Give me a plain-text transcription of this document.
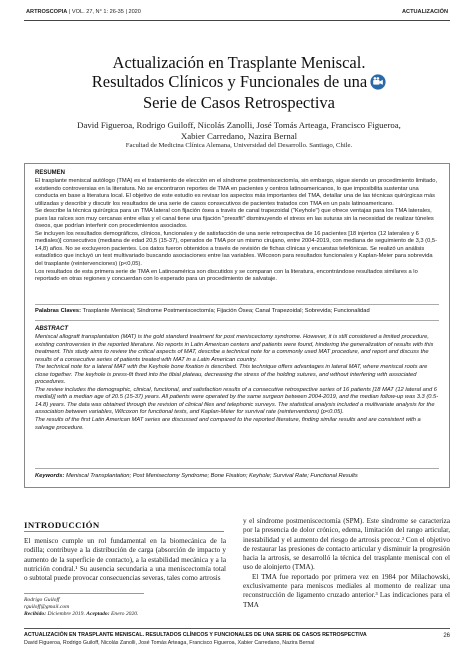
ARTROSCOPIA | VOL. 27, N° 1: 26-35 | 2020	ACTUALIZACIÓN
Actualización en Trasplante Meniscal.
Resultados Clínicos y Funcionales de una
Serie de Casos Retrospectiva
David Figueroa, Rodrigo Guiloff, Nicolás Zanolli, José Tomás Arteaga, Francisco Figueroa,
Xabier Carredano, Nazira Bernal
Facultad de Medicina Clínica Alemana, Universidad del Desarrollo. Santiago, Chile.
RESUMEN

El trasplante meniscal autólogo (TMA) es el tratamiento de elección en el síndrome postmeniscectomía, sin embargo, sigue siendo un procedimiento limitado, existiendo controversias en la literatura. No se encontraron reportes de TMA en pacientes y centros latinoamericanos, lo que imposibilita sustentar una conducta en base a literatura local. El objetivo de este estudio es revisar los aspectos más importantes del TMA, detallar una de las técnicas quirúrgicas más utilizadas y describir y discutir los resultados de una serie de casos consecutivos de pacientes tratados con TMA en un país latinoamericano.

Se describe la técnica quirúrgica para un TMA lateral con fijación ósea a través de canal trapezoidal ("Keyhole") que ofrece ventajas para los TMA laterales, pues las raíces son muy cercanas entre ellas y el canal tiene una fijación "pressfit" disminuyendo el stress en las suturas sin la necesidad de realizar túneles óseos, que podrían interferir con procedimientos asociados.

Se incluyen los resultados demográficos, clínicos, funcionales y de satisfacción de una serie retrospectiva de 16 pacientes [18 injertos (12 laterales y 6 mediales)] consecutivos (mediana de edad 20,5 (15-37), operados de TMA por un mismo cirujano, entre 2004-2019, con mediana de seguimiento de 3,3 (0,5-14,8) años. No se excluyeron pacientes. Los datos fueron obtenidos a través de revisión de fichas clínicas y encuestas telefónicas. Se realizó un análisis estadístico que incluyó un test multivariado buscando asociaciones entre las variables. Wilcoxon para resultados funcionales y Kaplan-Meier para sobrevida del trasplante (reintervenciones) (p<0,05).

Los resultados de esta primera serie de TMA en Latinoamérica son discutidos y se comparan con la literatura, encontrándose resultados similares a lo reportado en otras regiones y concuerdan con lo esperado para un procedimiento de salvataje.

Palabras Claves: Trasplante Meniscal; Síndrome Postmeniscectomía; Fijación Ósea; Canal Trapezoidal; Sobrevida; Funcionalidad
ABSTRACT

Meniscal allograft transplantation (MAT) is the gold standard treatment for post meniscectomy syndrome. However, it is still considered a limited procedure, existing controversies in the reported literature. No reports in Latin American centers and patients were found, hindering the generalization of results with this treatment. This study aims to review the critical aspects of MAT, describe a technical note for a commonly used MAT procedure, and report and discuss the results of a consecutive series of patients treated with MAT in a Latin American country.

The technical note for a lateral MAT with the Keyhole bone fixation is described. This technique offers advantages in lateral MAT, where meniscal roots are close together. The keyhole is press-fit fixed into the tibial plateau, decreasing the stress of the holding sutures, and without interfering with associated procedures.

The review includes the demographic, clinical, functional, and satisfaction results of a consecutive retrospective series of 16 patients [18 MAT (12 lateral and 6 medial)] with a median age of 20.5 (15-37) years. All patients were operated by the same surgeon between 2004-2019, and the median follow-up was 3.3 (0.5-14.8) years. The data was obtained through the revision of clinical files and telephonic surveys. The statistical analysis included a multivariate analysis for the association between variables, Wilcoxon for functional tests, and Kaplan-Meier for survival rate (reinterventions) (p<0.05).

The results of the first Latin American MAT series are discussed and compared to the reported literature, finding similar results and are consistent with a salvage procedure.

Keywords: Meniscal Transplantation; Post Menisectomy Syndrome; Bone Fixation; Keyhole; Survival Rate; Functional Results
INTRODUCCIÓN
El menisco cumple un rol fundamental en la biomecánica de la rodilla; contribuye a la distribución de carga (absorción de impacto y aumento de la superficie de contacto), a la estabilidad mecánica y a la nutrición condral.¹ Su ausencia secundaria a una meniscectomía total o subtotal puede provocar consecuencias severas, tales como artrosis

y el síndrome postmeniscectomía (SPM). Este síndrome se caracteriza por la presencia de dolor crónico, edema, limitación del rango articular, inestabilidad y el aumento del riesgo de artrosis precoz.² Con el objetivo de restaurar las presiones de contacto articular y disminuir la progresión hacia la artrosis, se desarrolló la técnica del trasplante meniscal con el uso de aloinjerto (TMA).

El TMA fue reportado por primera vez en 1984 por Milachowski, exclusivamente para meniscos mediales al momento de realizar una reconstrucción de ligamento cruzado anterior.³ Las indicaciones para el TMA

Rodrigo Guiloff
rguiloff@gmail.com
Recibido: Diciembre 2019. Aceptado: Enero 2020.
ACTUALIZACIÓN EN TRASPLANTE MENISCAL. RESULTADOS CLÍNICOS Y FUNCIONALES DE UNA SERIE DE CASOS RETROSPECTIVA
David Figueroa, Rodrigo Guiloff, Nicolás Zanolli, José Tomás Arteaga, Francisco Figueroa, Xabier Carredano, Nazira Bernal
26
